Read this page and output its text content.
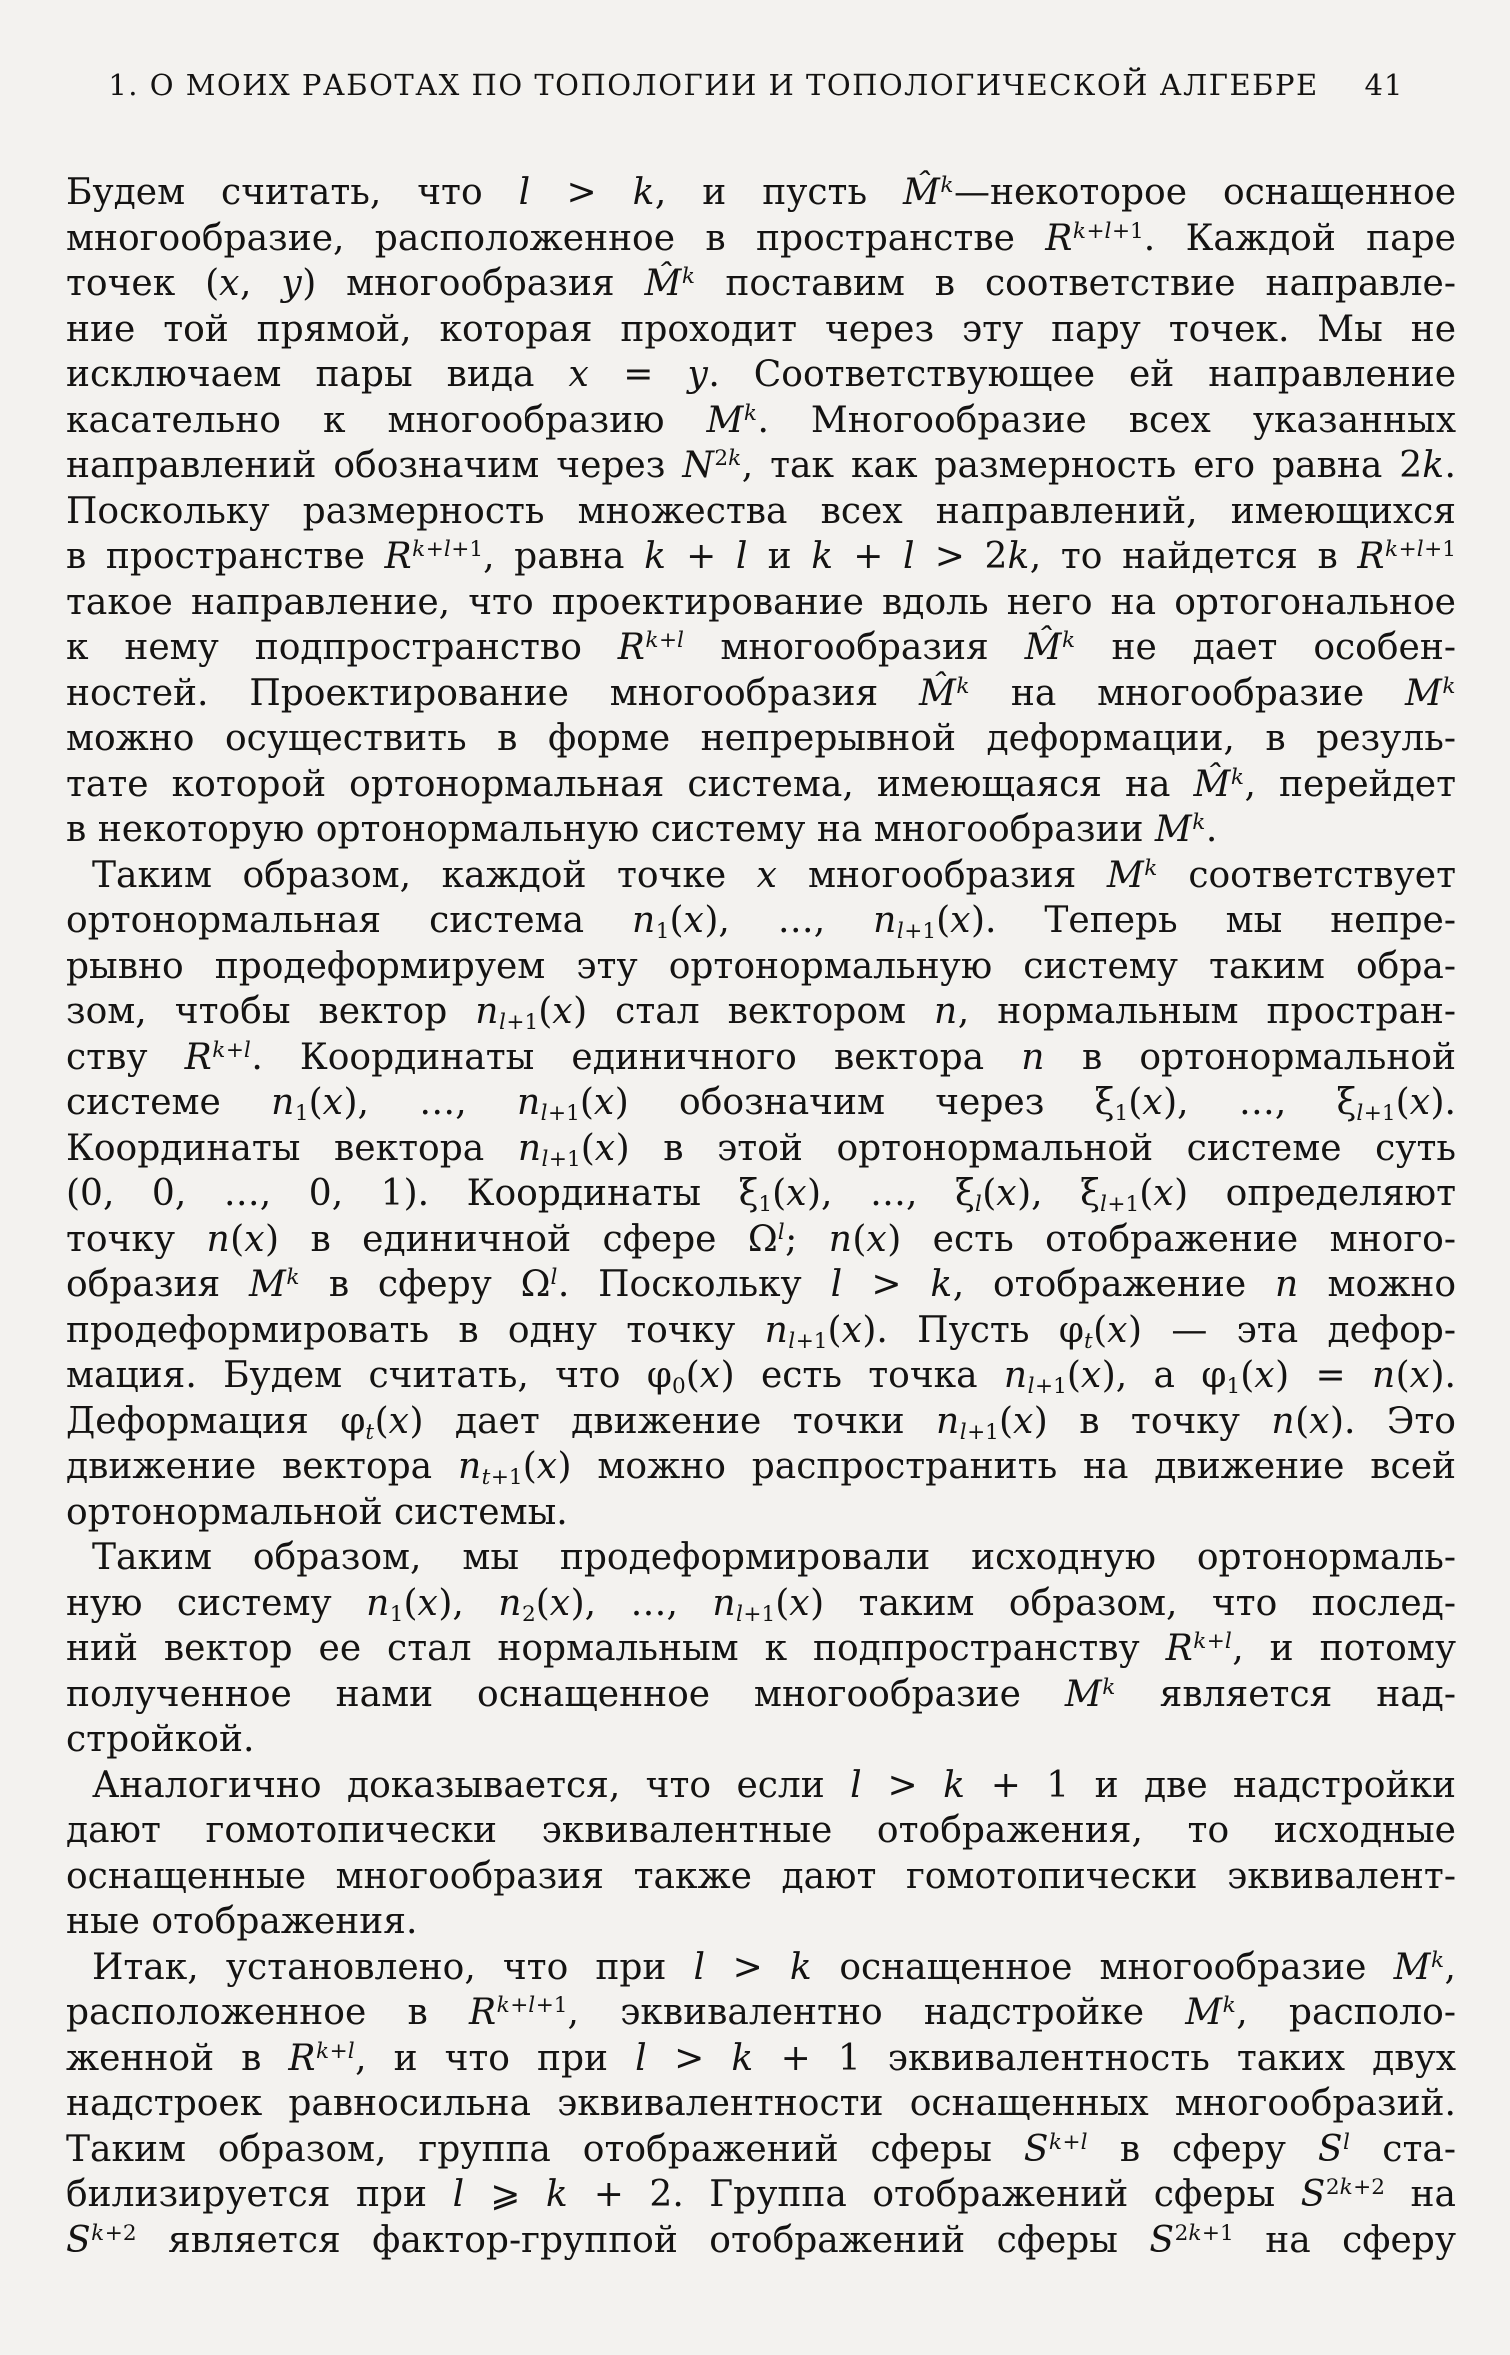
1. О МОИХ РАБОТАХ ПО ТОПОЛОГИИ И ТОПОЛОГИЧЕСКОЙ АЛГЕБРЕ	41
Будем считать, что l > k, и пусть M̂$^k$—некоторое оснащенное
многообразие, расположенное в пространстве $R^{k+l+1}$. Каждой паре
точек (x, y) многообразия M̂$^k$ поставим в соответствие направле-
ние той прямой, которая проходит через эту пару точек. Мы не
исключаем пары вида x = y. Соответствующее ей направление
касательно к многообразию $M^k$. Многообразие всех указанных
направлений обозначим через $N^{2k}$, так как размерность его равна 2k.
Поскольку размерность множества всех направлений, имеющихся
в пространстве $R^{k+l+1}$, равна k + l и k + l > 2k, то найдется в $R^{k+l+1}$
такое направление, что проектирование вдоль него на ортогональное
к нему подпространство $R^{k+l}$ многообразия M̂$^k$ не дает особен-
ностей. Проектирование многообразия M̂$^k$ на многообразие $M^k$
можно осуществить в форме непрерывной деформации, в резуль-
тате которой ортонормальная система, имеющаяся на M̂$^k$, перейдет
в некоторую ортонормальную систему на многообразии $M^k$.
Таким образом, каждой точке x многообразия $M^k$ соответствует
ортонормальная система $n_1(x)$, …, $n_{l+1}(x)$. Теперь мы непре-
рывно продеформируем эту ортонормальную систему таким обра-
зом, чтобы вектор $n_{l+1}(x)$ стал вектором n, нормальным простран-
ству $R^{k+l}$. Координаты единичного вектора n в ортонормальной
системе $n_1(x)$, …, $n_{l+1}(x)$ обозначим через $\xi_1(x)$, …, $\xi_{l+1}(x)$.
Координаты вектора $n_{l+1}(x)$ в этой ортонормальной системе суть
(0, 0, …, 0, 1). Координаты $\xi_1(x)$, …, $\xi_l(x)$, $\xi_{l+1}(x)$ определяют
точку n(x) в единичной сфере $\Omega^l$; n(x) есть отображение много-
образия $M^k$ в сферу $\Omega^l$. Поскольку l > k, отображение n можно
продеформировать в одну точку $n_{l+1}(x)$. Пусть $\varphi_t(x)$ — эта дефор-
мация. Будем считать, что $\varphi_0(x)$ есть точка $n_{l+1}(x)$, а $\varphi_1(x) = n(x)$.
Деформация $\varphi_t(x)$ дает движение точки $n_{l+1}(x)$ в точку n(x). Это
движение вектора $n_{t+1}(x)$ можно распространить на движение всей
ортонормальной системы.
Таким образом, мы продеформировали исходную ортонормаль-
ную систему $n_1(x)$, $n_2(x)$, …, $n_{l+1}(x)$ таким образом, что послед-
ний вектор ее стал нормальным к подпространству $R^{k+l}$, и потому
полученное нами оснащенное многообразие $M^k$ является над-
стройкой.
Аналогично доказывается, что если l > k + 1 и две надстройки
дают гомотопически эквивалентные отображения, то исходные
оснащенные многообразия также дают гомотопически эквивалент-
ные отображения.
Итак, установлено, что при l > k оснащенное многообразие $M^k$,
расположенное в $R^{k+l+1}$, эквивалентно надстройке $M^k$, располо-
женной в $R^{k+l}$, и что при l > k + 1 эквивалентность таких двух
надстроек равносильна эквивалентности оснащенных многообразий.
Таким образом, группа отображений сферы $S^{k+l}$ в сферу $S^l$ ста-
билизируется при l ⩾ k + 2. Группа отображений сферы $S^{2k+2}$ на
$S^{k+2}$ является фактор-группой отображений сферы $S^{2k+1}$ на сферу
